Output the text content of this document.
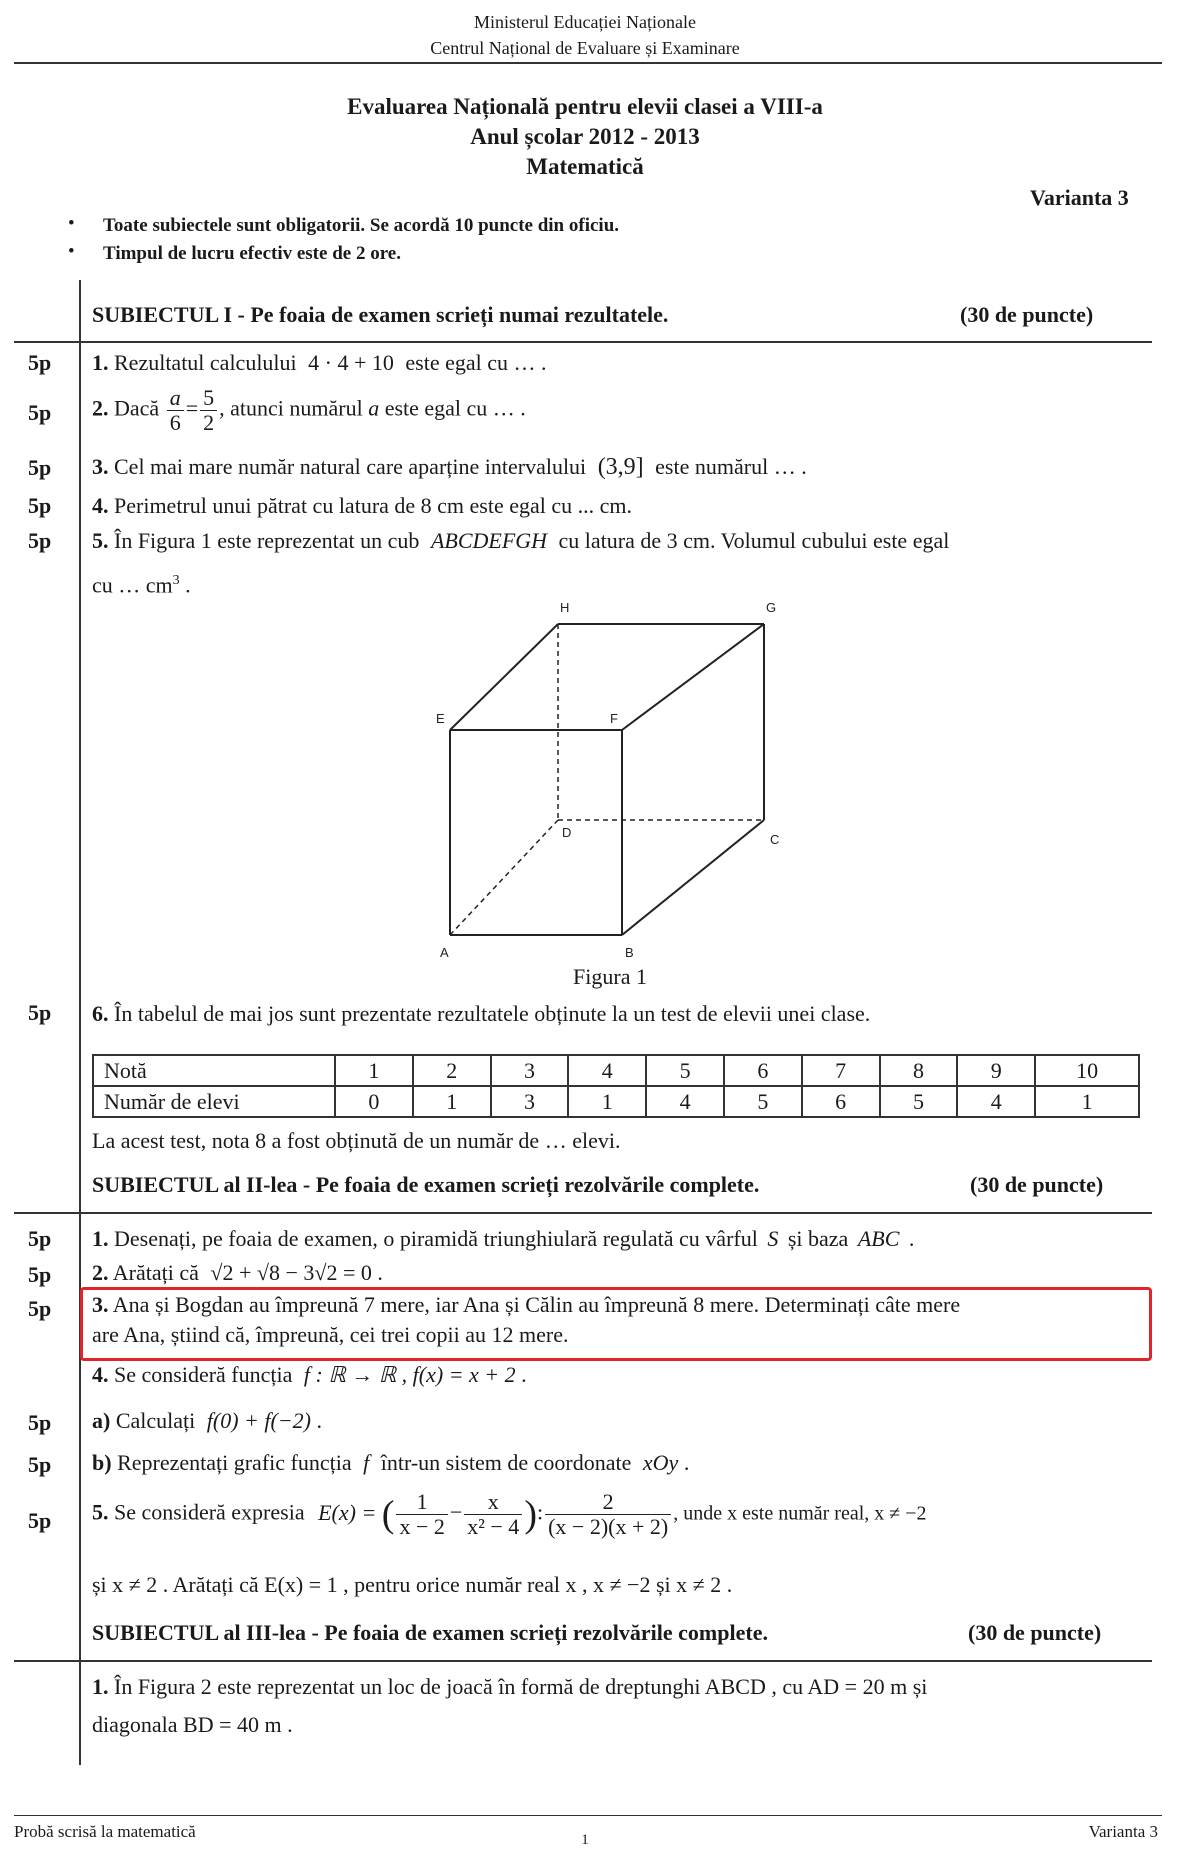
Ministerul Educației Naționale
Centrul Național de Evaluare și Examinare
Evaluarea Națională pentru elevii clasei a VIII-a
Anul școlar 2012 - 2013
Matematică
Varianta 3
• Toate subiectele sunt obligatorii. Se acordă 10 puncte din oficiu.
• Timpul de lucru efectiv este de 2 ore.
SUBIECTUL I - Pe foaia de examen scrieți numai rezultatele.	(30 de puncte)
5p	1. Rezultatul calculului 4 · 4 + 10 este egal cu … .
5p	2. Dacă $\frac{a}{6} = \frac{5}{2}$ , atunci numărul a este egal cu … .
5p	3. Cel mai mare număr natural care aparține intervalului (3,9] este numărul … .
5p	4. Perimetrul unui pătrat cu latura de 8 cm este egal cu ... cm.
5p	5. În Figura 1 este reprezentat un cub ABCDEFGH cu latura de 3 cm. Volumul cubului este egal
cu … $cm^3$ .
H	G
E	F
D	C
A	B
Figura 1
5p	6. În tabelul de mai jos sunt prezentate rezultatele obținute la un test de elevii unei clase.
Notă	1	2	3	4	5	6	7	8	9	10
Număr de elevi	0	1	3	1	4	5	6	5	4	1
La acest test, nota 8 a fost obținută de un număr de … elevi.
SUBIECTUL al II-lea - Pe foaia de examen scrieți rezolvările complete.	(30 de puncte)
5p	1. Desenați, pe foaia de examen, o piramidă triunghiulară regulată cu vârful S și baza ABC .
5p	2. Arătați că √2 + √8 − 3√2 = 0 .
5p	3. Ana și Bogdan au împreună 7 mere, iar Ana și Călin au împreună 8 mere. Determinați câte mere
are Ana, știind că, împreună, cei trei copii au 12 mere.
4. Se consideră funcția f : ℝ → ℝ , f(x) = x + 2 .
5p	a) Calculați f(0) + f(−2) .
5p	b) Reprezentați grafic funcția f într-un sistem de coordonate xOy .
5p	5. Se consideră expresia E(x) = ( $\frac{1}{x - 2} - \frac{x}{\text{x² − 4}}$ ): $\frac{2}{(x - 2)(x + 2)}$ , unde x este număr real, x ≠ −2
și x ≠ 2 . Arătați că E(x) = 1 , pentru orice număr real x , x ≠ −2 și x ≠ 2 .
SUBIECTUL al III-lea - Pe foaia de examen scrieți rezolvările complete.	(30 de puncte)
1. În Figura 2 este reprezentat un loc de joacă în formă de dreptunghi ABCD , cu AD = 20 m și
diagonala BD = 40 m .
Probă scrisă la matematică	Varianta 3
1
